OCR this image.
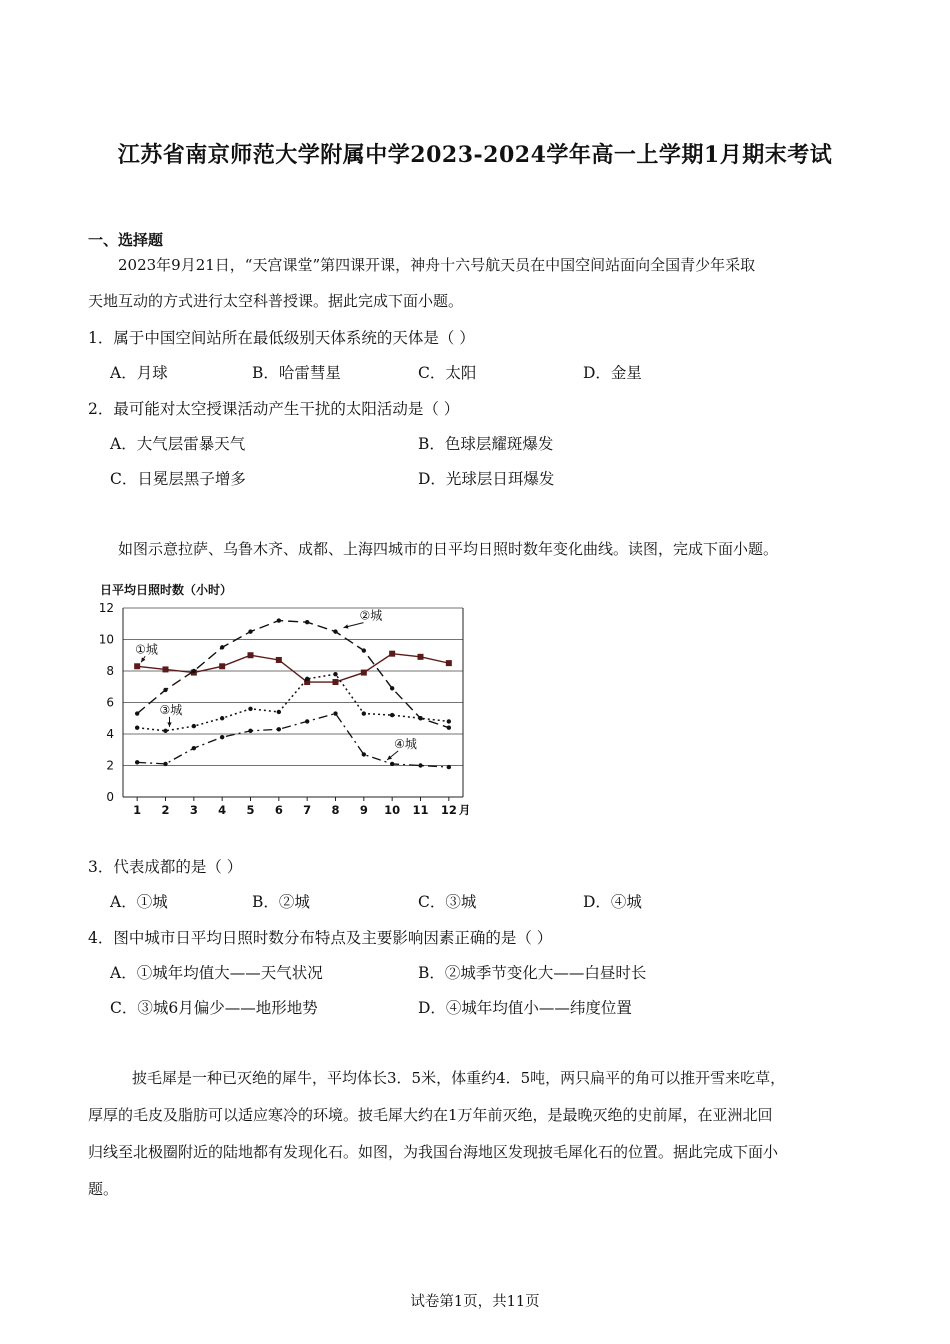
江苏省南京师范大学附属中学2023-2024学年高一上学期1月期末考试
一、选择题
2023年9月21日，“天宫课堂”第四课开课，神舟十六号航天员在中国空间站面向全国青少年采取
天地互动的方式进行太空科普授课。据此完成下面小题。
1．属于中国空间站所在最低级别天体系统的天体是（ ）
A．月球	B．哈雷彗星	C．太阳	D．金星
2．最可能对太空授课活动产生干扰的太阳活动是（ ）
A．大气层雷暴天气	B．色球层耀斑爆发
C．日冕层黑子增多	D．光球层日珥爆发
如图示意拉萨、乌鲁木齐、成都、上海四城市的日平均日照时数年变化曲线。读图，完成下面小题。
日平均日照时数（小时）
0
2
4
6
8
10
12
1 2 3 4 5 6 7 8 9 10 11 12 月
①城
②城
③城
④城
3．代表成都的是（ ）
A．①城	B．②城	C．③城	D．④城
4．图中城市日平均日照时数分布特点及主要影响因素正确的是（ ）
A．①城年均值大——天气状况	B．②城季节变化大——白昼时长
C．③城6月偏少——地形地势	D．④城年均值小——纬度位置
披毛犀是一种已灭绝的犀牛，平均体长3．5米，体重约4．5吨，两只扁平的角可以推开雪来吃草，
厚厚的毛皮及脂肪可以适应寒冷的环境。披毛犀大约在1万年前灭绝，是最晚灭绝的史前犀，在亚洲北回
归线至北极圈附近的陆地都有发现化石。如图，为我国台海地区发现披毛犀化石的位置。据此完成下面小
题。
试卷第1页，共11页
